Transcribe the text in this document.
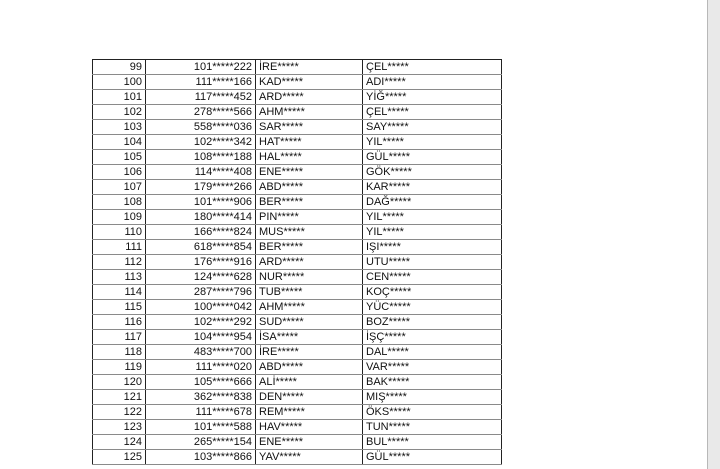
99	101*****222	İRE*****	ÇEL*****
100	111*****166	KAD*****	ADI*****
101	117*****452	ARD*****	YİĞ*****
102	278*****566	AHM*****	ÇEL*****
103	558*****036	SAR*****	SAY*****
104	102*****342	HAT*****	YIL*****
105	108*****188	HAL*****	GÜL*****
106	114*****408	ENE*****	GÖK*****
107	179*****266	ABD*****	KAR*****
108	101*****906	BER*****	DAĞ*****
109	180*****414	PIN*****	YIL*****
110	166*****824	MUS*****	YIL*****
111	618*****854	BER*****	IŞI*****
112	176*****916	ARD*****	UTU*****
113	124*****628	NUR*****	CEN*****
114	287*****796	TUB*****	KOÇ*****
115	100*****042	AHM*****	YÜC*****
116	102*****292	SUD*****	BOZ*****
117	104*****954	İSA*****	İŞÇ*****
118	483*****700	İRE*****	DAL*****
119	111*****020	ABD*****	VAR*****
120	105*****666	ALİ*****	BAK*****
121	362*****838	DEN*****	MIŞ*****
122	111*****678	REM*****	ÖKS*****
123	101*****588	HAV*****	TUN*****
124	265*****154	ENE*****	BUL*****
125	103*****866	YAV*****	GÜL*****
